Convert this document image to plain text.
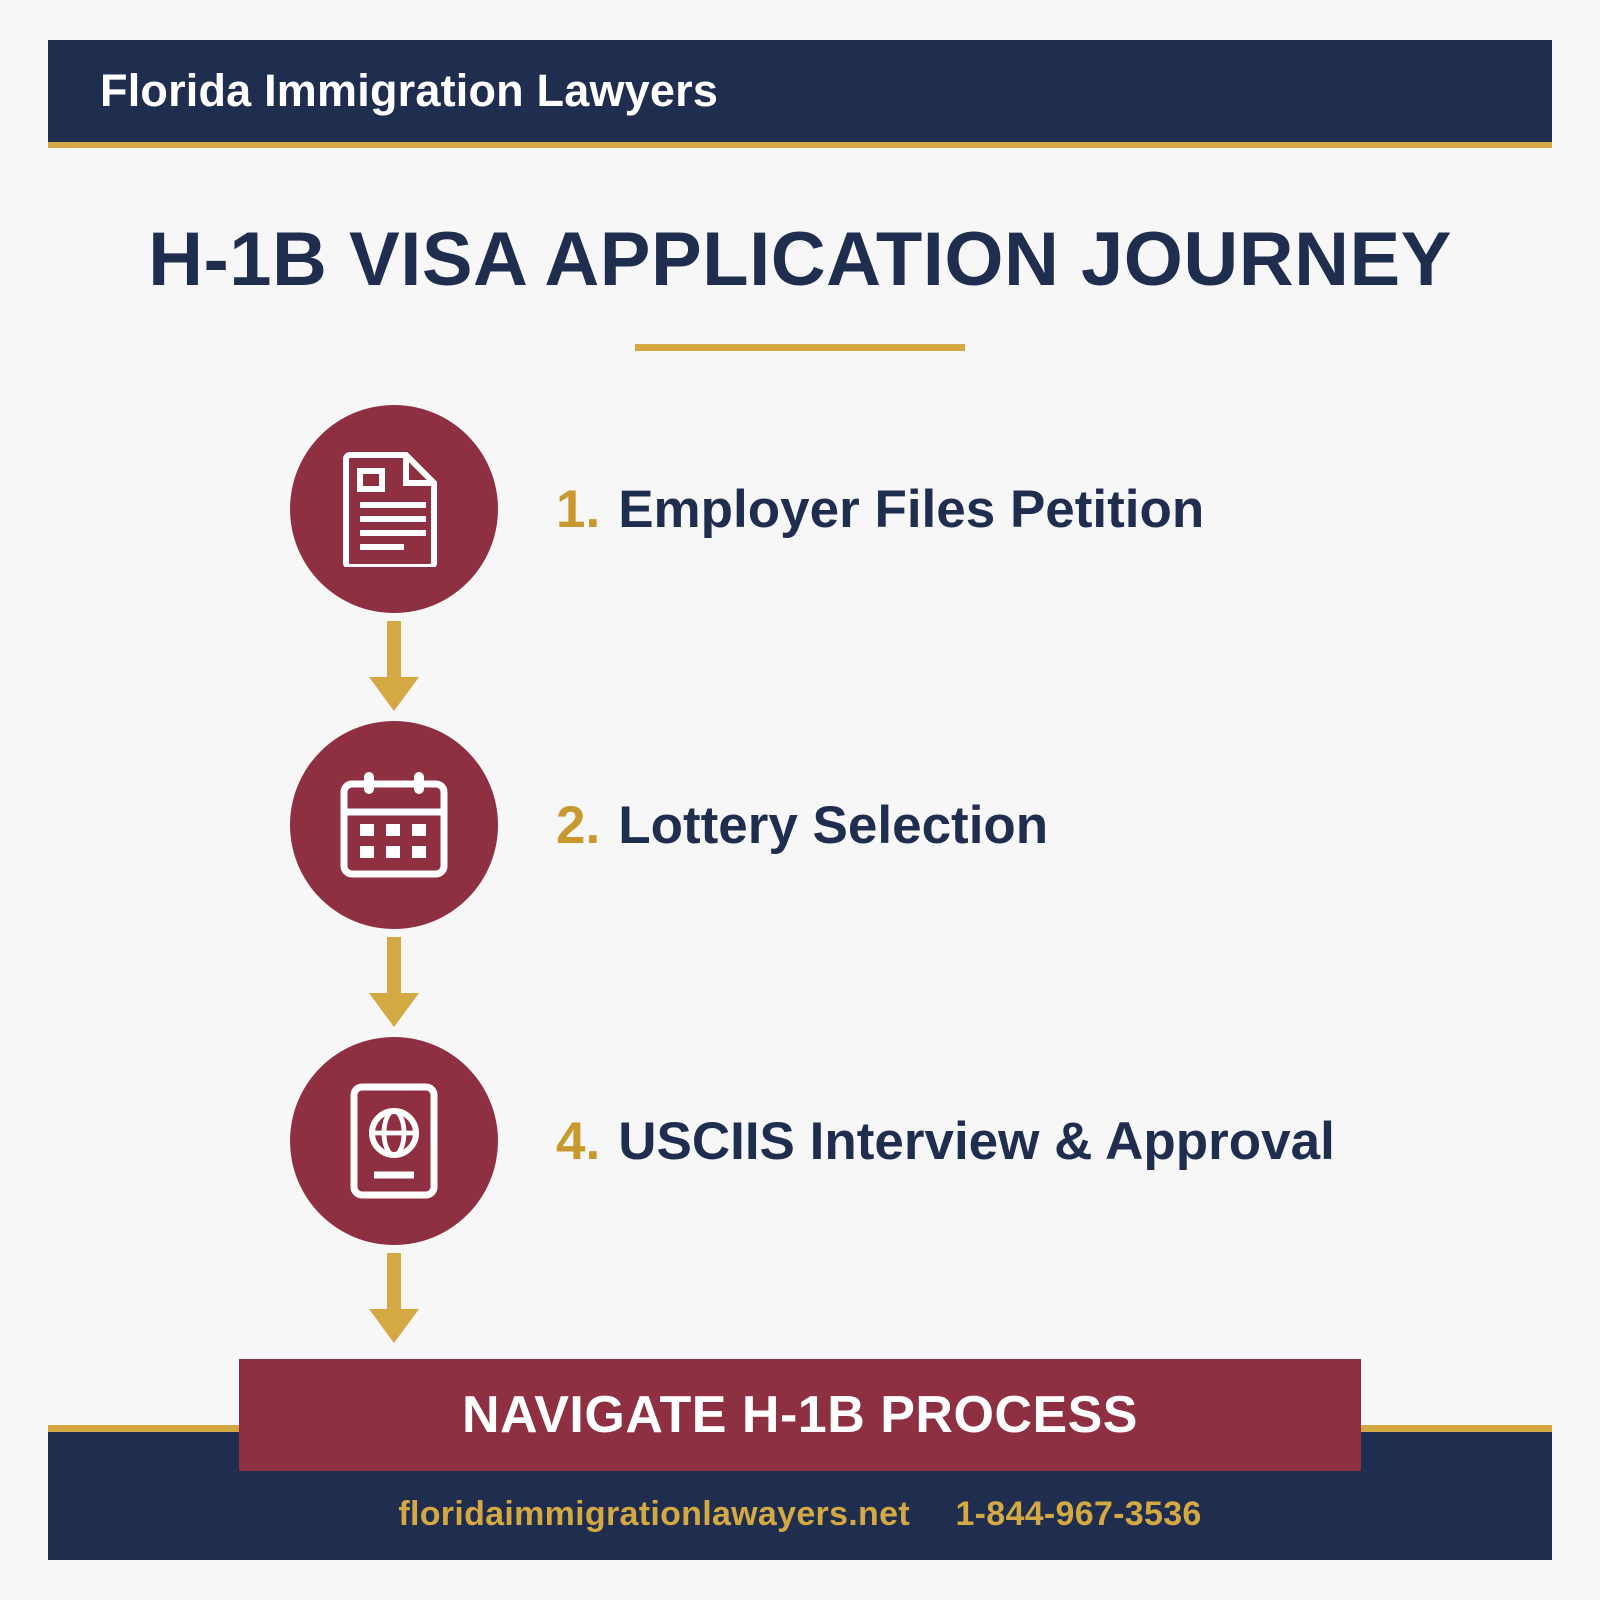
Florida Immigration Lawyers
H-1B VISA APPLICATION JOURNEY
1. Employer Files Petition
2. Lottery Selection
4. USCIIS Interview & Approval
NAVIGATE H-1B PROCESS
floridaimmigrationlawayers.net 1-844-967-3536
